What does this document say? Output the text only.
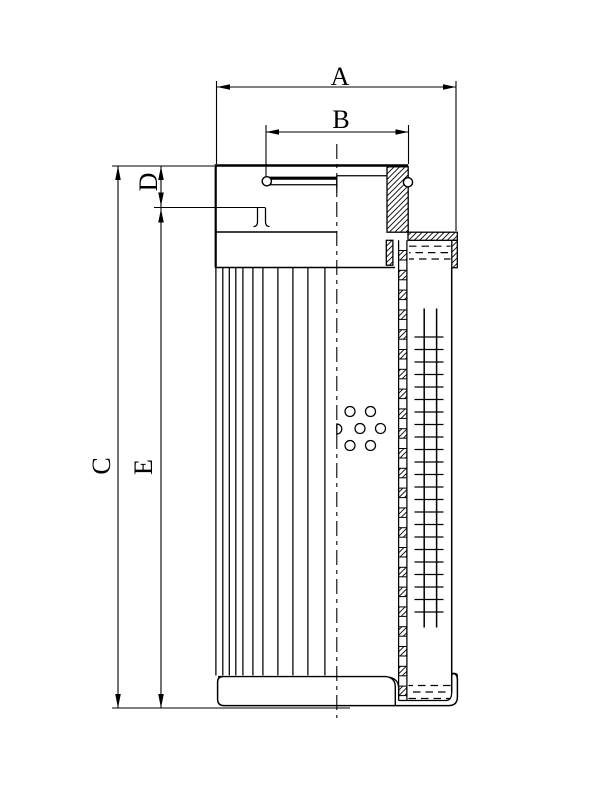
A
B
C
D
E
